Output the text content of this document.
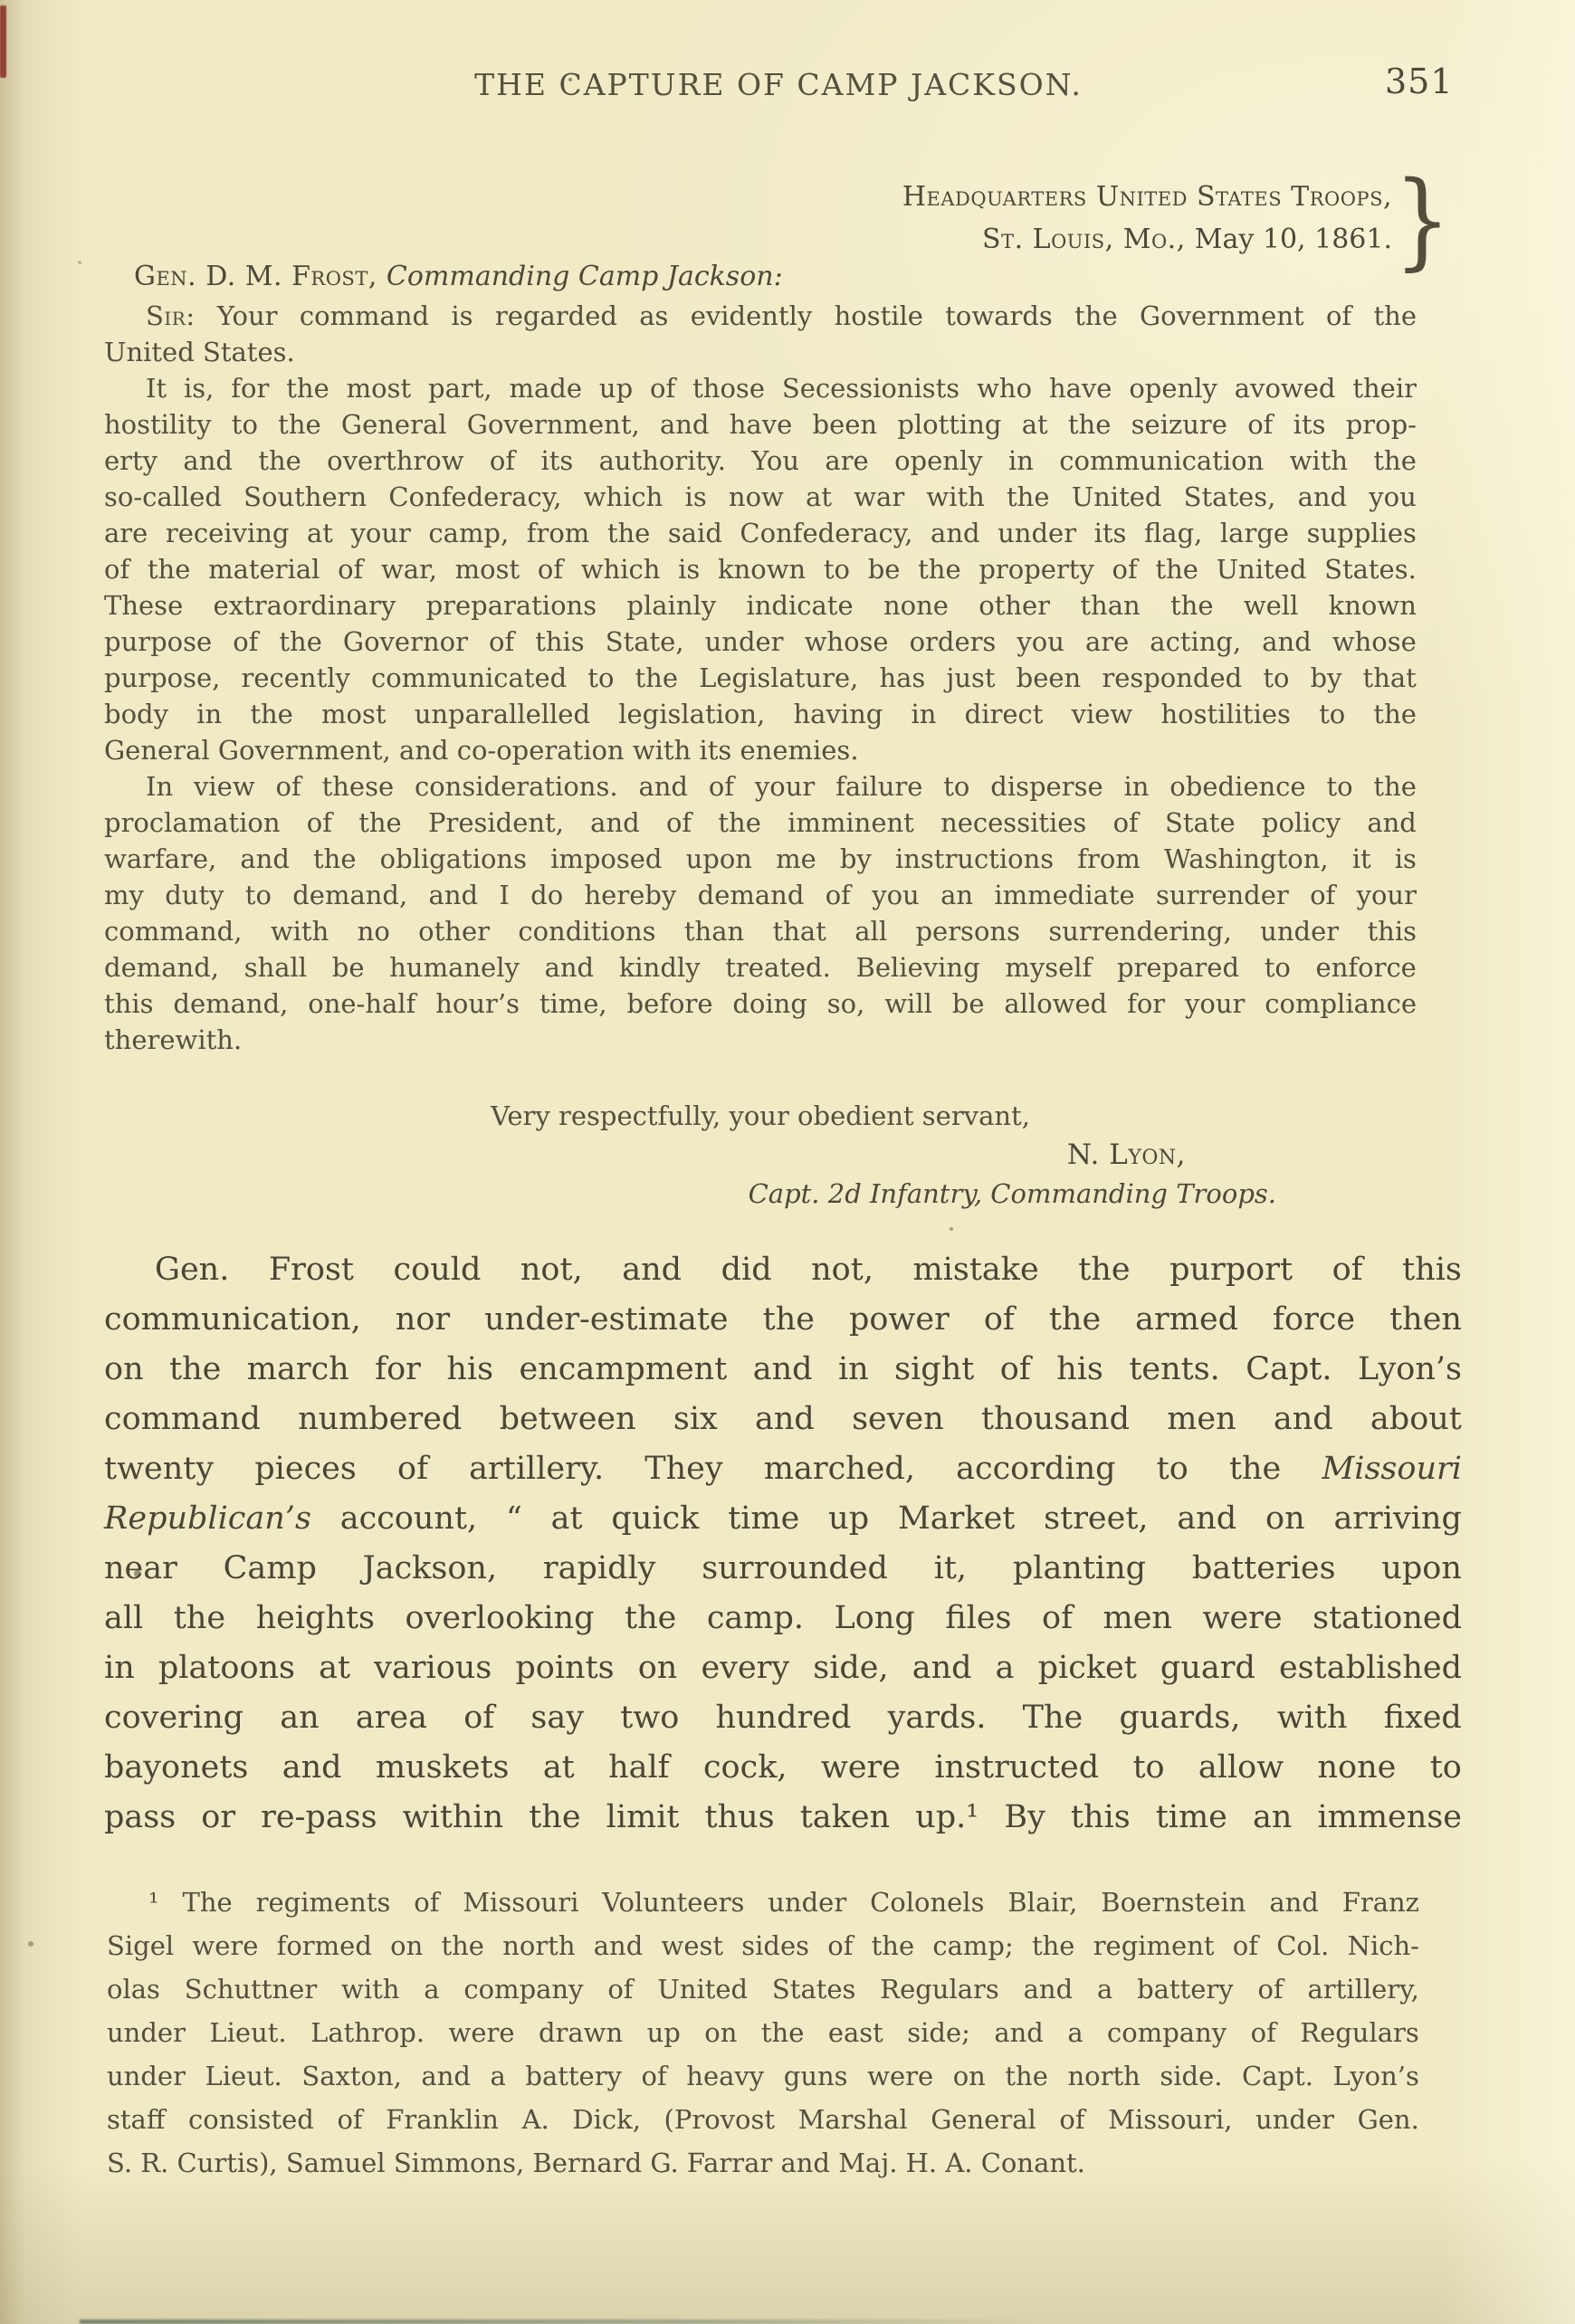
THE CAPTURE OF CAMP JACKSON.	351
Headquarters United States Troops,
St. Louis, Mo., May 10, 1861. }
Gen. D. M. Frost, Commanding Camp Jackson:
Sir: Your command is regarded as evidently hostile towards the Government of the
United States.
It is, for the most part, made up of those Secessionists who have openly avowed their
hostility to the General Government, and have been plotting at the seizure of its prop-
erty and the overthrow of its authority. You are openly in communication with the
so-called Southern Confederacy, which is now at war with the United States, and you
are receiving at your camp, from the said Confederacy, and under its flag, large supplies
of the material of war, most of which is known to be the property of the United States.
These extraordinary preparations plainly indicate none other than the well known
purpose of the Governor of this State, under whose orders you are acting, and whose
purpose, recently communicated to the Legislature, has just been responded to by that
body in the most unparallelled legislation, having in direct view hostilities to the
General Government, and co-operation with its enemies.
In view of these considerations. and of your failure to disperse in obedience to the
proclamation of the President, and of the imminent necessities of State policy and
warfare, and the obligations imposed upon me by instructions from Washington, it is
my duty to demand, and I do hereby demand of you an immediate surrender of your
command, with no other conditions than that all persons surrendering, under this
demand, shall be humanely and kindly treated. Believing myself prepared to enforce
this demand, one-half hour’s time, before doing so, will be allowed for your compliance
therewith.
Very respectfully, your obedient servant,
N. Lyon,
Capt. 2d Infantry, Commanding Troops.
Gen. Frost could not, and did not, mistake the purport of this
communication, nor under-estimate the power of the armed force then
on the march for his encampment and in sight of his tents. Capt. Lyon’s
command numbered between six and seven thousand men and about
twenty pieces of artillery. They marched, according to the Missouri
Republican’s account, “ at quick time up Market street, and on arriving
near Camp Jackson, rapidly surrounded it, planting batteries upon
all the heights overlooking the camp. Long files of men were stationed
in platoons at various points on every side, and a picket guard established
covering an area of say two hundred yards. The guards, with fixed
bayonets and muskets at half cock, were instructed to allow none to
pass or re-pass within the limit thus taken up.¹ By this time an immense
¹ The regiments of Missouri Volunteers under Colonels Blair, Boernstein and Franz
Sigel were formed on the north and west sides of the camp; the regiment of Col. Nich-
olas Schuttner with a company of United States Regulars and a battery of artillery,
under Lieut. Lathrop. were drawn up on the east side; and a company of Regulars
under Lieut. Saxton, and a battery of heavy guns were on the north side. Capt. Lyon’s
staff consisted of Franklin A. Dick, (Provost Marshal General of Missouri, under Gen.
S. R. Curtis), Samuel Simmons, Bernard G. Farrar and Maj. H. A. Conant.
